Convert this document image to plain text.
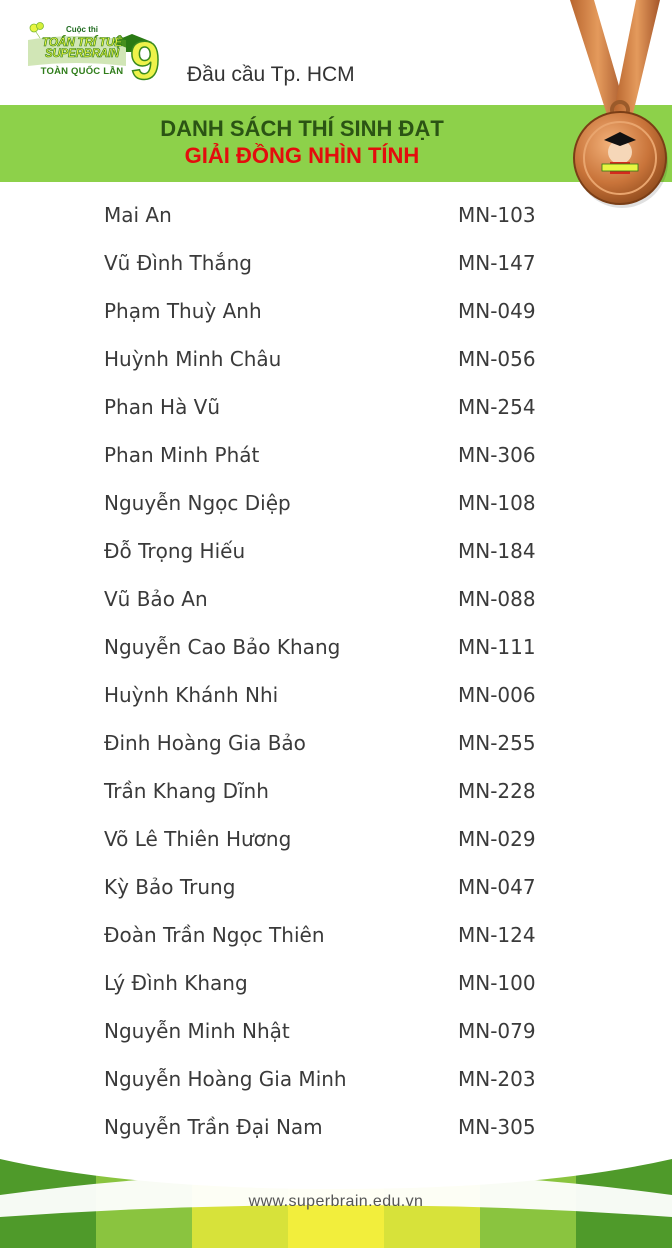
Cuộc thi
TOÁN TRÍ TUỆ
SUPERBRAIN
TOÀN QUỐC LẦN 9 Đầu cầu Tp. HCM
DANH SÁCH THÍ SINH ĐẠT
GIẢI ĐỒNG NHÌN TÍNH
Mai An	MN-103
Vũ Đình Thắng	MN-147
Phạm Thuỳ Anh	MN-049
Huỳnh Minh Châu	MN-056
Phan Hà Vũ	MN-254
Phan Minh Phát	MN-306
Nguyễn Ngọc Diệp	MN-108
Đỗ Trọng Hiếu	MN-184
Vũ Bảo An	MN-088
Nguyễn Cao Bảo Khang	MN-111
Huỳnh Khánh Nhi	MN-006
Đinh Hoàng Gia Bảo	MN-255
Trần Khang Dĩnh	MN-228
Võ Lê Thiên Hương	MN-029
Kỳ Bảo Trung	MN-047
Đoàn Trần Ngọc Thiên	MN-124
Lý Đình Khang	MN-100
Nguyễn Minh Nhật	MN-079
Nguyễn Hoàng Gia Minh	MN-203
Nguyễn Trần Đại Nam	MN-305
www.superbrain.edu.vn
